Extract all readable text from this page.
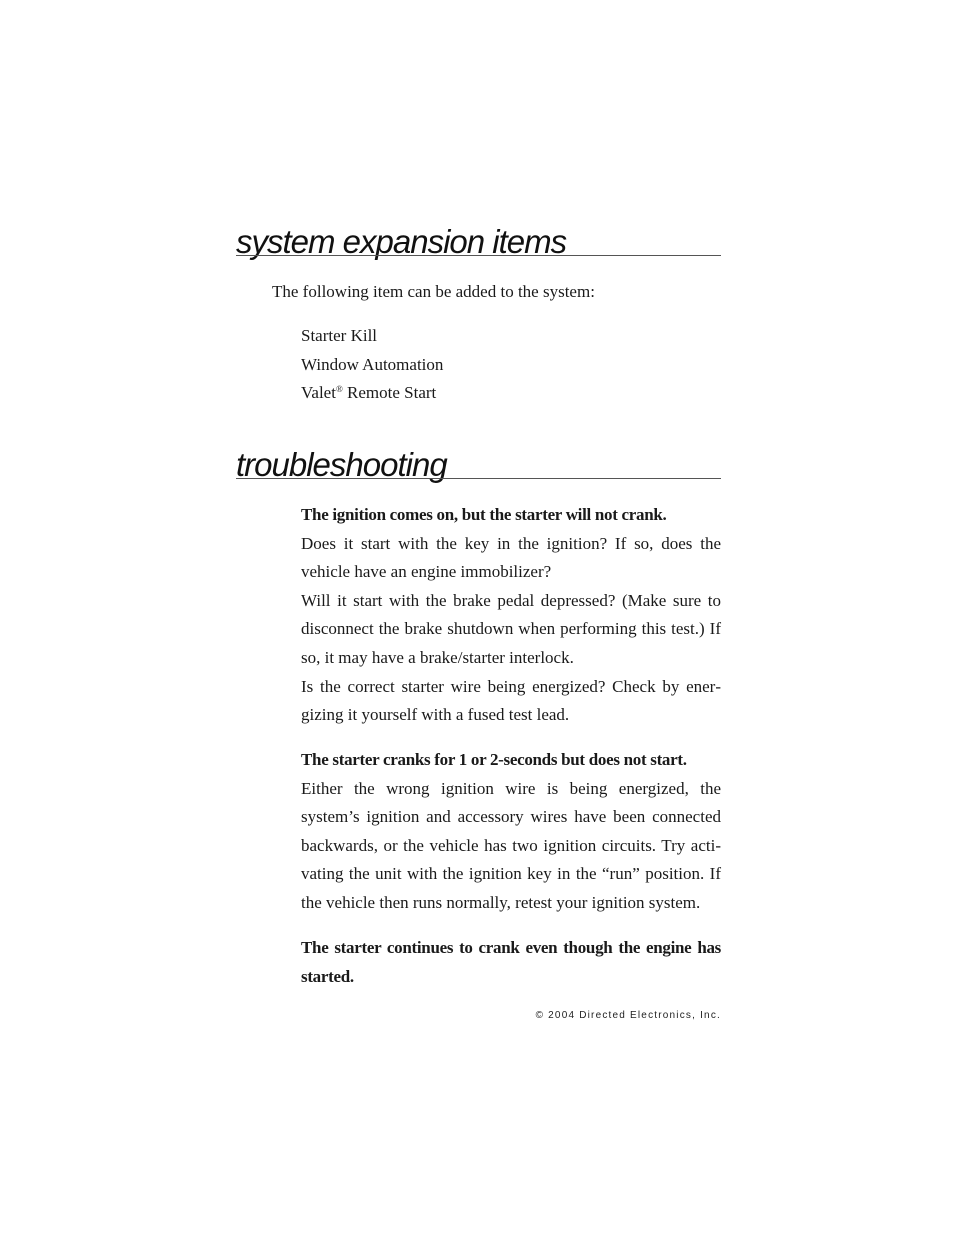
system expansion items

The following item can be added to the system:

Starter Kill
Window Automation
Valet® Remote Start
troubleshooting

The ignition comes on, but the starter will not crank.

Does it start with the key in the ignition? If so, does the vehicle have an engine immobilizer?

Will it start with the brake pedal depressed? (Make sure to disconnect the brake shutdown when performing this test.) If so, it may have a brake/starter interlock.

Is the correct starter wire being energized? Check by energizing it yourself with a fused test lead.

The starter cranks for 1 or 2-seconds but does not start.

Either the wrong ignition wire is being energized, the system’s ignition and accessory wires have been connected backwards, or the vehicle has two ignition circuits. Try activating the unit with the ignition key in the “run” position. If the vehicle then runs normally, retest your ignition system.

The starter continues to crank even though the engine has started.

© 2004 Directed Electronics, Inc.
